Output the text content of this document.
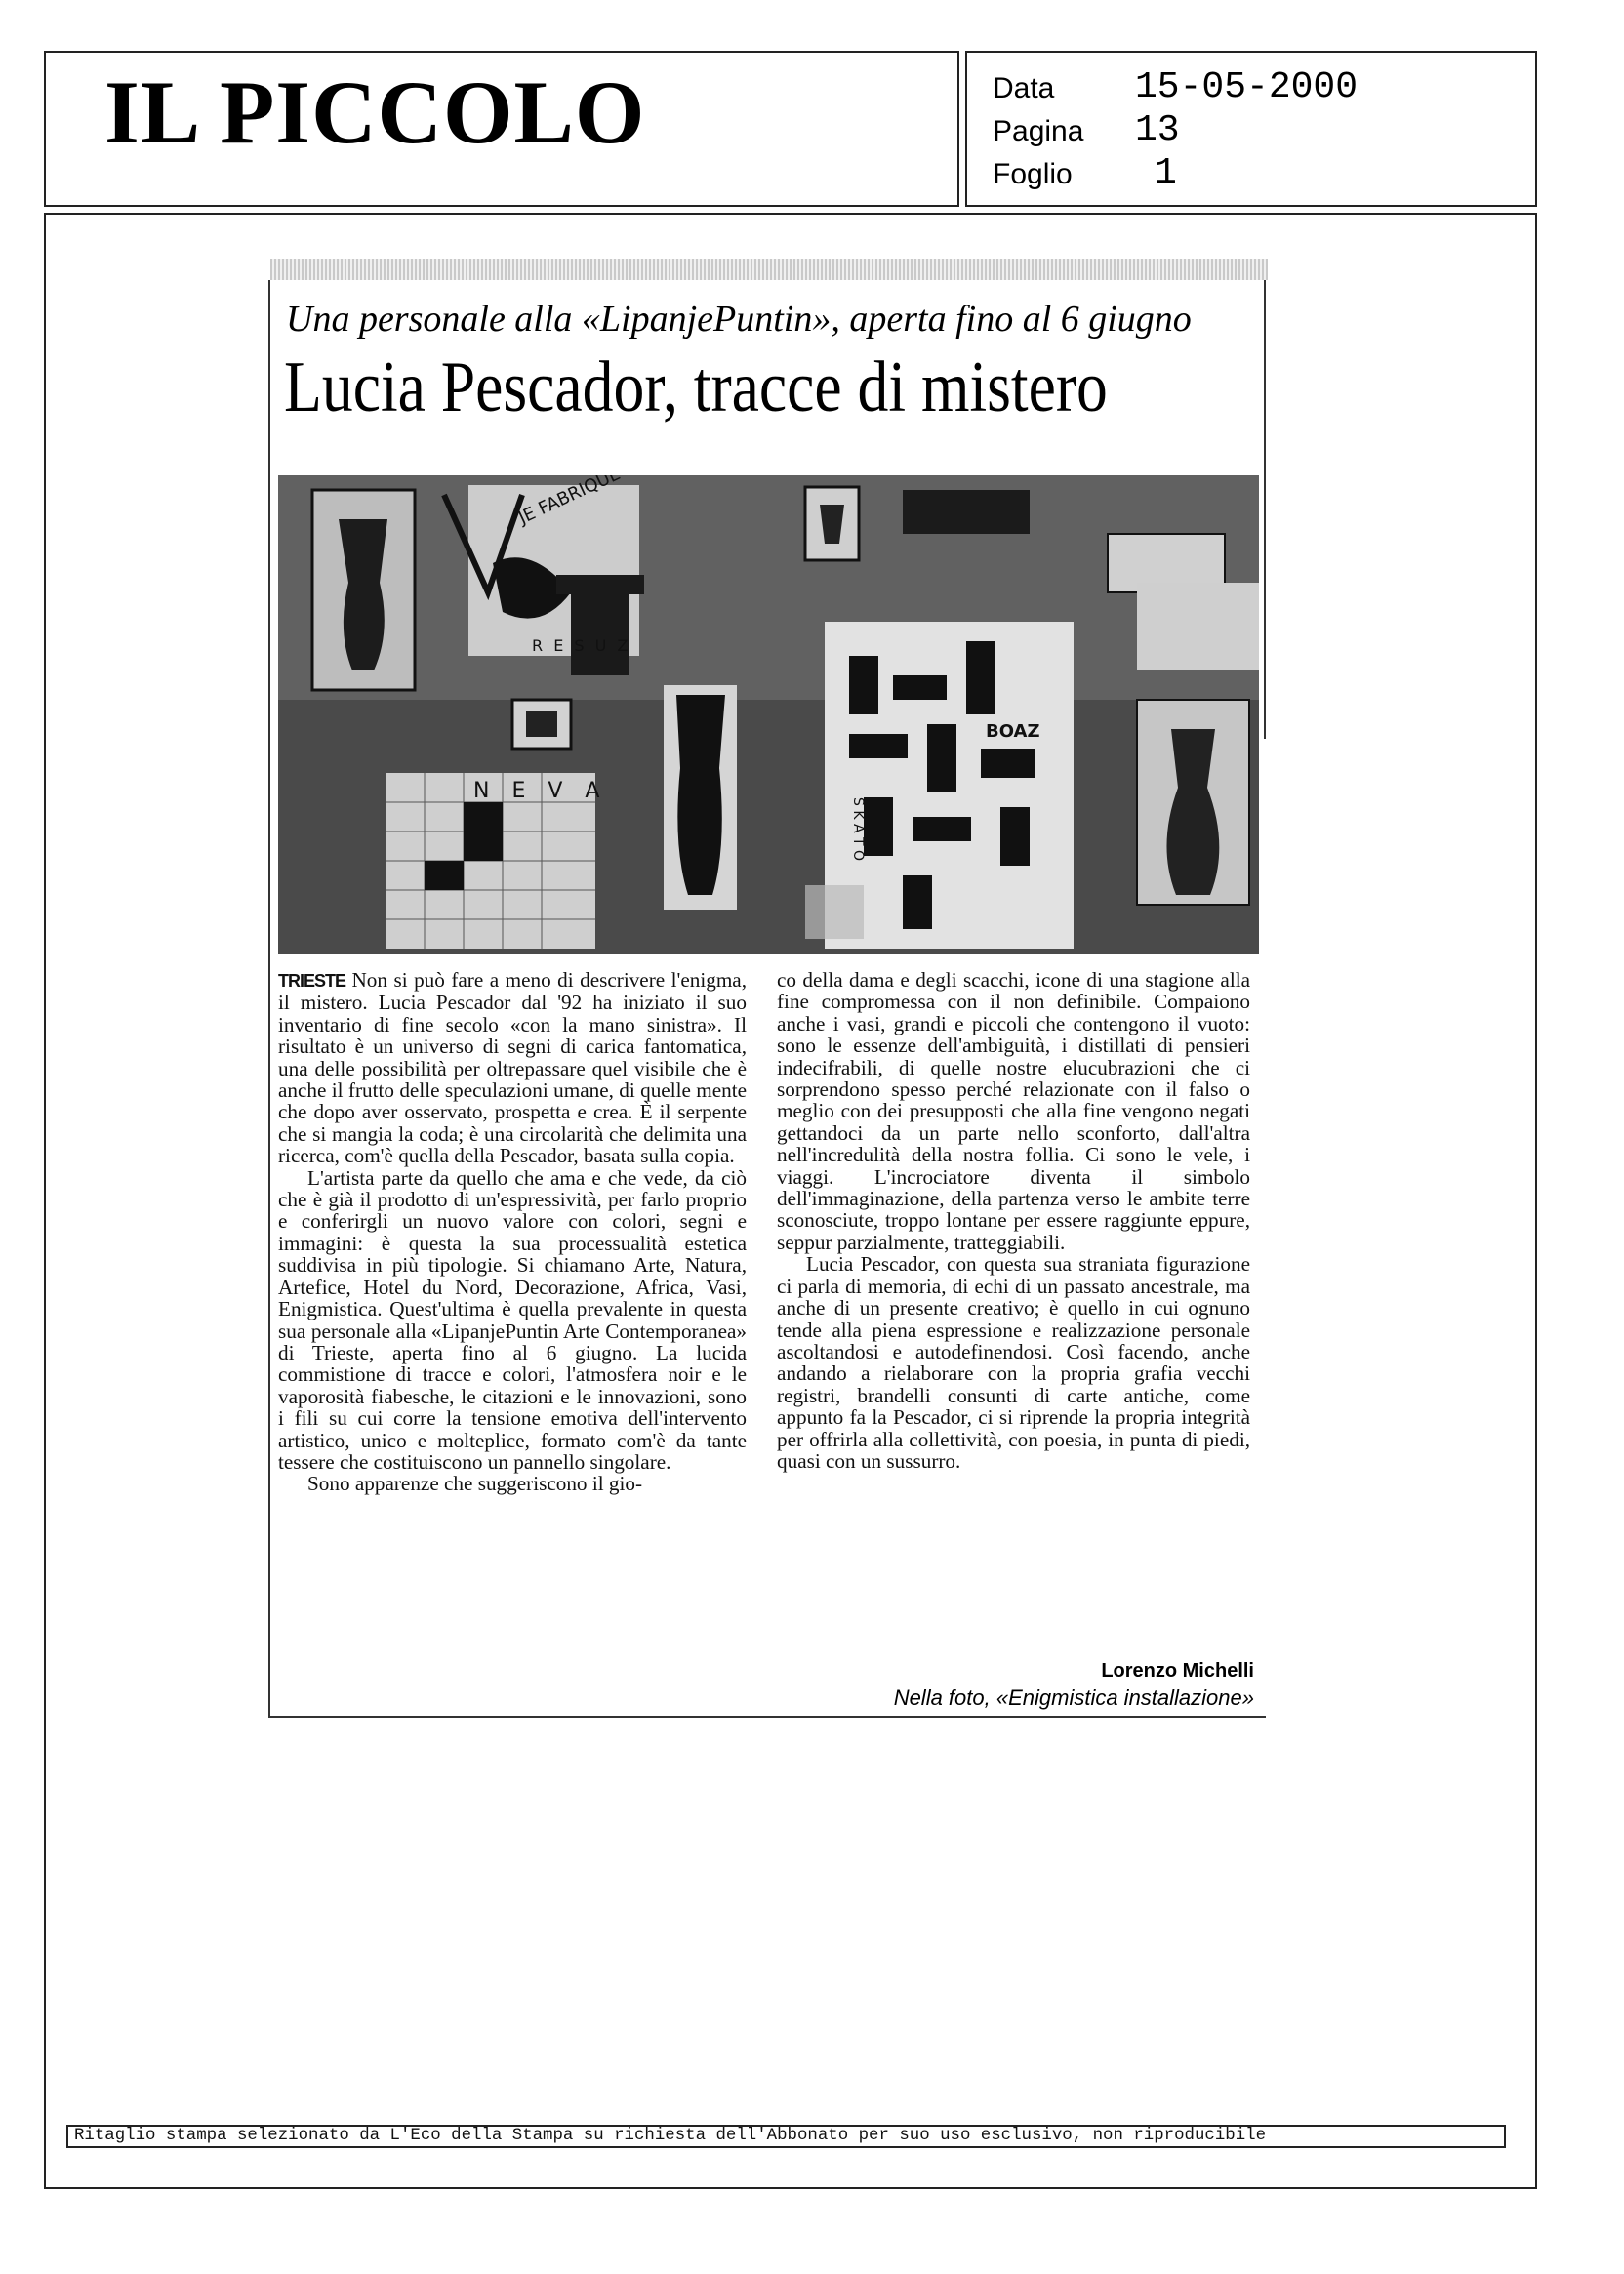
IL PICCOLO	Data 15-05-2000
Pagina 13
Foglio 1
Una personale alla «LipanjePuntin», aperta fino al 6 giugno
Lucia Pescador, tracce di mistero
JE FABRIQUE
R E S U Z
N E V A
BOAZ
S K A T O

TRIESTE Non si può fare a meno di descrivere l'enigma, il mistero. Lucia Pescador dal '92 ha iniziato il suo inventario di fine secolo «con la mano sinistra». Il risultato è un universo di segni di carica fantomatica, una delle possibilità per oltrepassare quel visibile che è anche il frutto delle speculazioni umane, di quelle mente che dopo aver osservato, prospetta e crea. È il serpente che si mangia la coda; è una circolarità che delimita una ricerca, com'è quella della Pescador, basata sulla copia.

L'artista parte da quello che ama e che vede, da ciò che è già il prodotto di un'espressività, per farlo proprio e conferirgli un nuovo valore con colori, segni e immagini: è questa la sua processualità estetica suddivisa in più tipologie. Si chiamano Arte, Natura, Artefice, Hotel du Nord, Decorazione, Africa, Vasi, Enigmistica. Quest'ultima è quella prevalente in questa sua personale alla «LipanjePuntin Arte Contemporanea» di Trieste, aperta fino al 6 giugno. La lucida commistione di tracce e colori, l'atmosfera noir e le vaporosità fiabesche, le citazioni e le innovazioni, sono i fili su cui corre la tensione emotiva dell'intervento artistico, unico e molteplice, formato com'è da tante tessere che costituiscono un pannello singolare.

Sono apparenze che suggeriscono il gio-

co della dama e degli scacchi, icone di una stagione alla fine compromessa con il non definibile. Compaiono anche i vasi, grandi e piccoli che contengono il vuoto: sono le essenze dell'ambiguità, i distillati di pensieri indecifrabili, di quelle nostre elucubrazioni che ci sorprendono spesso perché relazionate con il falso o meglio con dei presupposti che alla fine vengono negati gettandoci da un parte nello sconforto, dall'altra nell'incredulità della nostra follia. Ci sono le vele, i viaggi. L'incrociatore diventa il simbolo dell'immaginazione, della partenza verso le ambite terre sconosciute, troppo lontane per essere raggiunte eppure, seppur parzialmente, tratteggiabili.

Lucia Pescador, con questa sua straniata figurazione ci parla di memoria, di echi di un passato ancestrale, ma anche di un presente creativo; è quello in cui ognuno tende alla piena espressione e realizzazione personale ascoltandosi e autodefinendosi. Così facendo, anche andando a rielaborare con la propria grafia vecchi registri, brandelli consunti di carte antiche, come appunto fa la Pescador, ci si riprende la propria integrità per offrirla alla collettività, con poesia, in punta di piedi, quasi con un sussurro.

Lorenzo Michelli
Nella foto, «Enigmistica installazione»
Ritaglio stampa selezionato da L'Eco della Stampa su richiesta dell'Abbonato per suo uso esclusivo, non riproducibile
